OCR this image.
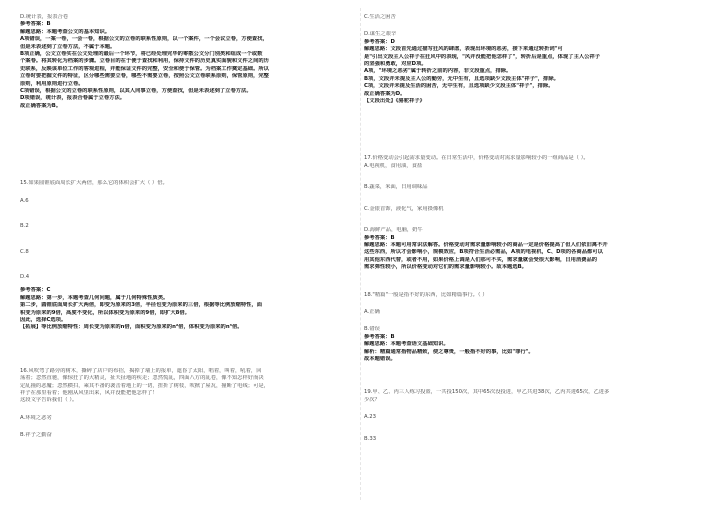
D.统计表，报表合卷
参考答案：B
解题思路：本题考查公文的基本知识。
A项错误，一案一卷，一会一卷，根据公文的立卷的联系性原则，以一个案件，一个会议立卷，方便查找，
但是未表述到了立卷方法，不属于本题。
B项正确，公文立卷实在公文处理的最后一个环节，将已经处理完毕的零散公文分门别类和组成一个或数
个案卷。将其转化为档案的步骤。立卷目的在于便于查找和利用，保持文件的历史真实面貌和文件之间的历
史联系，反映该单位工作的客观进程，并能保证文件的完整，安全和便于保管。为档案工作奠定基础。所以
立卷时要把握文件的特征，区分哪些需要立卷，哪些不需要立卷，按照公文立卷联系原则，保管原则，完整
原则，利用原则进行立卷。
C项错误，根据公文的立卷的联系性原则，以其人同事立卷，方便查找，但是未表述到了立卷方法。
D项错误，统计表，报表合卷属于立卷方法。
故正确答案为B。
15.如果圆锥底面周长扩大两倍，那么它的体积会扩大（ ）倍。
A.6
B.2
C.8
D.4
参考答案：C
解题思路：第一步，本题考查几何问题，属于几何特殊性质类。
第二步，圆锥底面周长扩大两倍，即变为原来的3倍，半径也变为原来的三倍，根据等比例放缩特性，面
积变为原来的9倍，高度不变化，所以体积变为原来的9倍，即扩大8倍。
因此，选择C选项。
【拓展】等比例放缩特性：周长变为原来的n倍，面积变为原来的n²倍，体积变为原来的n³倍。
16.风吹弯了路旁的树木，撕碎了店户的布招，揭掉了墙上的报单，遮昏了太阳，唱着，叫着，吼着，回
荡着；忽然直驰，像惊狂了的大精灵，扯天扯地的疾走；忽然慌乱，四面八方的乱卷，像不知怎样好而决
定乱撞的恶魔；忽然横扫，乘其不备的袭击着地上的一切，扭折了树枝，吹掀了屋瓦，撞断了电线；可是，
祥子在那里看着；他刚从风里出来，风并没能把他怎样了！
这段文字告诉我们（ ）。
A.环境之恶劣
B.祥子之勤奋
C.生活之困苦
D.谋生之艰辛
参考答案：D
解题思路：文段首先通过描写狂风的肆虐，表现出环境的恶劣，接下来通过转折词"可
是"引出文段主人公祥子在狂风中的表现，"风并没能把他怎样了"，转折后是重点，体现了主人公祥子
的坚强和勇敢，对应D项。
A项，"环境之恶劣"属于转折之前的内容，非文段重点，排除。
B项，文段并未提及主人公的勤劳，无中生有，且选项缺少文段主体"祥子"，排除。
C项，文段并未提及生活的困苦，无中生有，且选项缺少文段主体"祥子"，排除。
故正确答案为D。
【文段出处】《骆驼祥子》
17.价格变动会引起需求量变动。在日常生活中，价格变动对需求量影响较小的一组商品是（ ）。
A.电视机，食用油，食盐
B.蔬菜，米面，日用调味品
C.金银首饰，液化气，家用摄像机
D.海鲜产品，电脑，奶牛
参考答案：B
解题思路：本题可用常识法解答。价格变动对需求量影响较小的商品一定是价格提高了但人们依旧离不开
这些东西，所以才会影响小，规模效应，B项符合生活必需品，A项的电视机，C、D项的各商品都可以
用其他东西代替，或者不用，如果价格上调是人们那可不买，需求量就会受很大影响，日用消费品的
需求弹性较小，所以价格变动对它们的需求量影响较小。故本题选B。
18."精篇"一般是指不好的东西，比如精篇事行。（ ）
A.正确
B.错误
参考答案：B
解题思路：本题考查语文基础知识。
解析：精篇通常指物品精致，使之尊贵，一般指不好的事，比如"罪行"。
故本题错误。
19.甲、乙、丙三人练习投篮，一共投150次，其中65次没投进，甲乙共进38次，乙丙共进65次，乙进多
少次？
A.23
B.33
